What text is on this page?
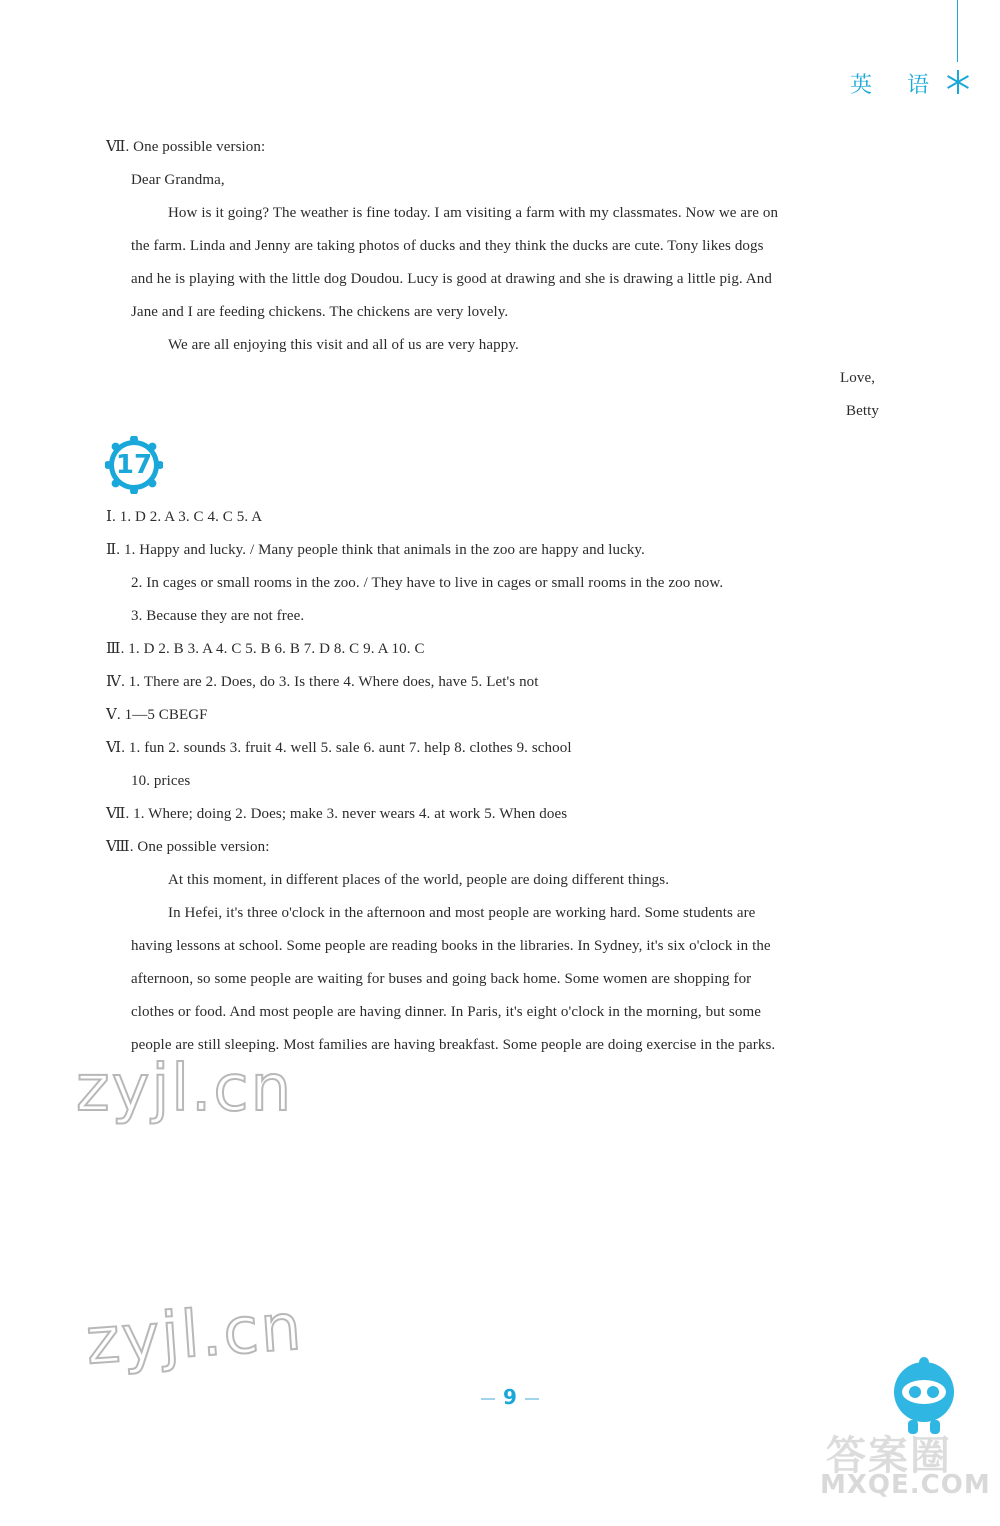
英 语
Ⅶ. One possible version:
Dear Grandma,
How is it going? The weather is fine today. I am visiting a farm with my classmates. Now we are on
the farm. Linda and Jenny are taking photos of ducks and they think the ducks are cute. Tony likes dogs
and he is playing with the little dog Doudou. Lucy is good at drawing and she is drawing a little pig. And
Jane and I are feeding chickens. The chickens are very lovely.
We are all enjoying this visit and all of us are very happy.
Love,
Betty
17
Ⅰ. 1. D 2. A 3. C 4. C 5. A
Ⅱ. 1. Happy and lucky. / Many people think that animals in the zoo are happy and lucky.
2. In cages or small rooms in the zoo. / They have to live in cages or small rooms in the zoo now.
3. Because they are not free.
Ⅲ. 1. D 2. B 3. A 4. C 5. B 6. B 7. D 8. C 9. A 10. C
Ⅳ. 1. There are 2. Does, do 3. Is there 4. Where does, have 5. Let's not
Ⅴ. 1—5 CBEGF
Ⅵ. 1. fun 2. sounds 3. fruit 4. well 5. sale 6. aunt 7. help 8. clothes 9. school
10. prices
Ⅶ. 1. Where; doing 2. Does; make 3. never wears 4. at work 5. When does
Ⅷ. One possible version:
At this moment, in different places of the world, people are doing different things.
In Hefei, it's three o'clock in the afternoon and most people are working hard. Some students are
having lessons at school. Some people are reading books in the libraries. In Sydney, it's six o'clock in the
afternoon, so some people are waiting for buses and going back home. Some women are shopping for
clothes or food. And most people are having dinner. In Paris, it's eight o'clock in the morning, but some
people are still sleeping. Most families are having breakfast. Some people are doing exercise in the parks.
zyjl.cn
zyjl.cn
9
答案圈
MXQE.COM
